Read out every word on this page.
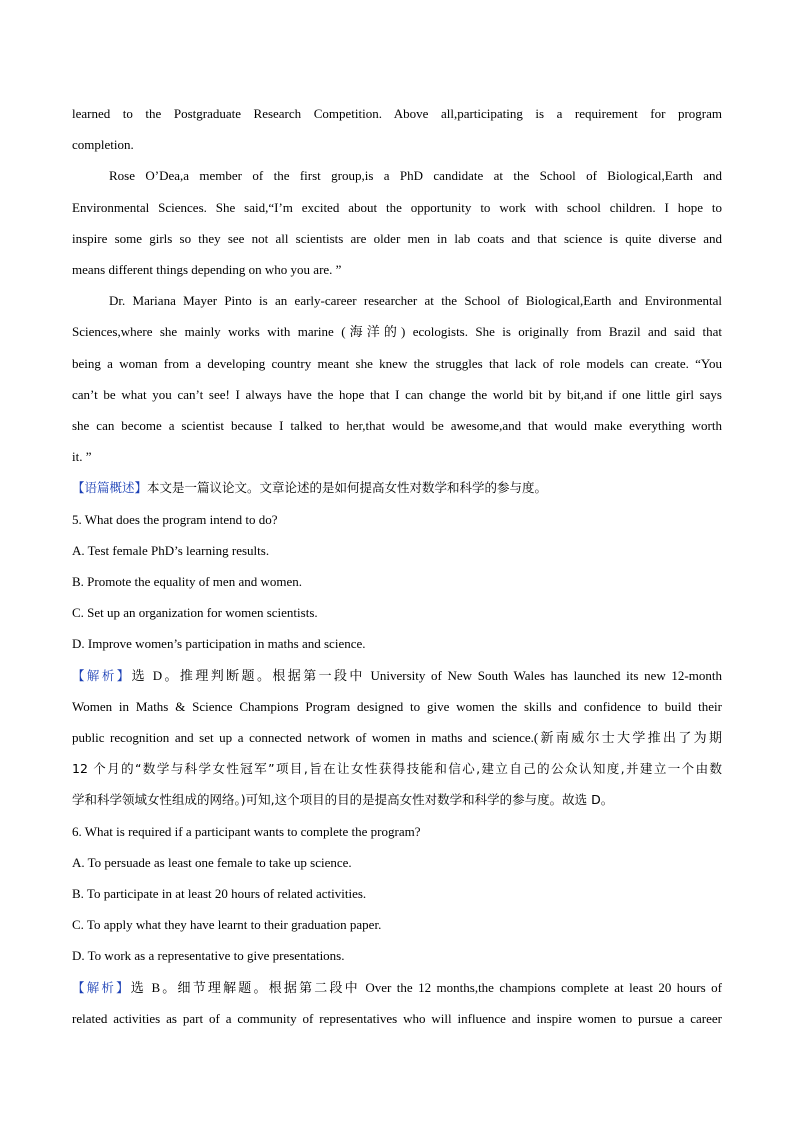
learned to the Postgraduate Research Competition. Above all,participating is a requirement for program
completion.
Rose O’Dea,a member of the first group,is a PhD candidate at the School of Biological,Earth and
Environmental Sciences. She said,“I’m excited about the opportunity to work with school children. I hope to
inspire some girls so they see not all scientists are older men in lab coats and that science is quite diverse and
means different things depending on who you are. ”
Dr. Mariana Mayer Pinto is an early-career researcher at the School of Biological,Earth and Environmental
Sciences,where she mainly works with marine (海洋的) ecologists. She is originally from Brazil and said that
being a woman from a developing country meant she knew the struggles that lack of role models can create. “You
can’t be what you can’t see! I always have the hope that I can change the world bit by bit,and if one little girl says
she can become a scientist because I talked to her,that would be awesome,and that would make everything worth
it. ”
【语篇概述】本文是一篇议论文。文章论述的是如何提高女性对数学和科学的参与度。
5. What does the program intend to do?
A. Test female PhD’s learning results.
B. Promote the equality of men and women.
C. Set up an organization for women scientists.
D. Improve women’s participation in maths and science.
【解析】选 D。推理判断题。根据第一段中 University of New South Wales has launched its new 12-month
Women in Maths & Science Champions Program designed to give women the skills and confidence to build their
public recognition and set up a connected network of women in maths and science.(新南威尔士大学推出了为期
12 个月的“数学与科学女性冠军”项目,旨在让女性获得技能和信心,建立自己的公众认知度,并建立一个由数
学和科学领域女性组成的网络。)可知,这个项目的目的是提高女性对数学和科学的参与度。故选 D。
6. What is required if a participant wants to complete the program?
A. To persuade as least one female to take up science.
B. To participate in at least 20 hours of related activities.
C. To apply what they have learnt to their graduation paper.
D. To work as a representative to give presentations.
【解析】选 B。细节理解题。根据第二段中 Over the 12 months,the champions complete at least 20 hours of
related activities as part of a community of representatives who will influence and inspire women to pursue a career
